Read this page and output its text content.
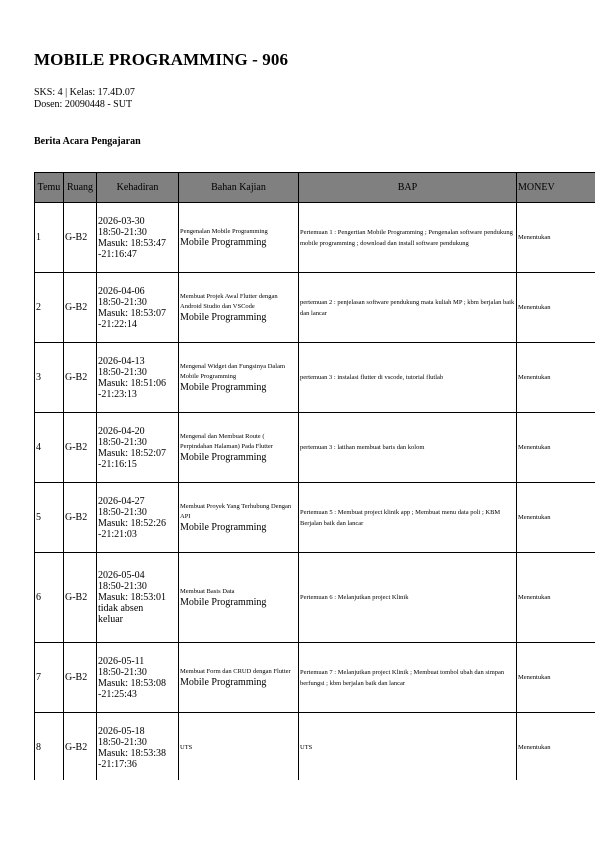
MOBILE PROGRAMMING - 906
SKS: 4 | Kelas: 17.4D.07
Dosen: 20090448 - SUT
Berita Acara Pengajaran
Temu	Ruang	Kehadiran	Bahan Kajian	BAP	MONEV
1	G-B2	2026-03-30
18:50-21:30
Masuk: 18:53:47
-21:16:47	Pengenalan Mobile Programming
Mobile Programming	Pertemuan 1 : Pengertian Mobile Programming ; Pengenalan software pendukung mobile programming ; download dan install software pendukung	Menentukan
2	G-B2	2026-04-06
18:50-21:30
Masuk: 18:53:07
-21:22:14	Membuat Projek Awal Flutter dengan Android Studio dan VSCode
Mobile Programming	pertemuan 2 : penjelasan software pendukung mata kuliah MP ; kbm berjalan baik dan lancar	Menentukan
3	G-B2	2026-04-13
18:50-21:30
Masuk: 18:51:06
-21:23:13	Mengenal Widget dan Fungsinya Dalam Mobile Programming
Mobile Programming	pertemuan 3 : instalasi flutter di vscode, tutorial flutlab	Menentukan
4	G-B2	2026-04-20
18:50-21:30
Masuk: 18:52:07
-21:16:15	Mengenal dan Membuat Route ( Perpindahan Halaman) Pada Flutter
Mobile Programming	pertemuan 3 : latihan membuat baris dan kolom	Menentukan
5	G-B2	2026-04-27
18:50-21:30
Masuk: 18:52:26
-21:21:03	Membuat Proyek Yang Terhubung Dengan API
Mobile Programming	Pertemuan 5 : Membuat project klinik app ; Membuat menu data poli ; KBM Berjalan baik dan lancar	Menentukan
6	G-B2	2026-05-04
18:50-21:30
Masuk: 18:53:01
tidak absen keluar	Membuat Basis Data
Mobile Programming	Pertemuan 6 : Melanjutkan project Klinik	Menentukan
7	G-B2	2026-05-11
18:50-21:30
Masuk: 18:53:08
-21:25:43	Membuat Form dan CRUD dengan Flutter
Mobile Programming	Pertemuan 7 : Melanjutkan project Klinik ; Membuat tombol ubah dan simpan berfungsi ; kbm berjalan baik dan lancar	Menentukan
8	G-B2	2026-05-18
18:50-21:30
Masuk: 18:53:38
-21:17:36	UTS	UTS	Menentukan
